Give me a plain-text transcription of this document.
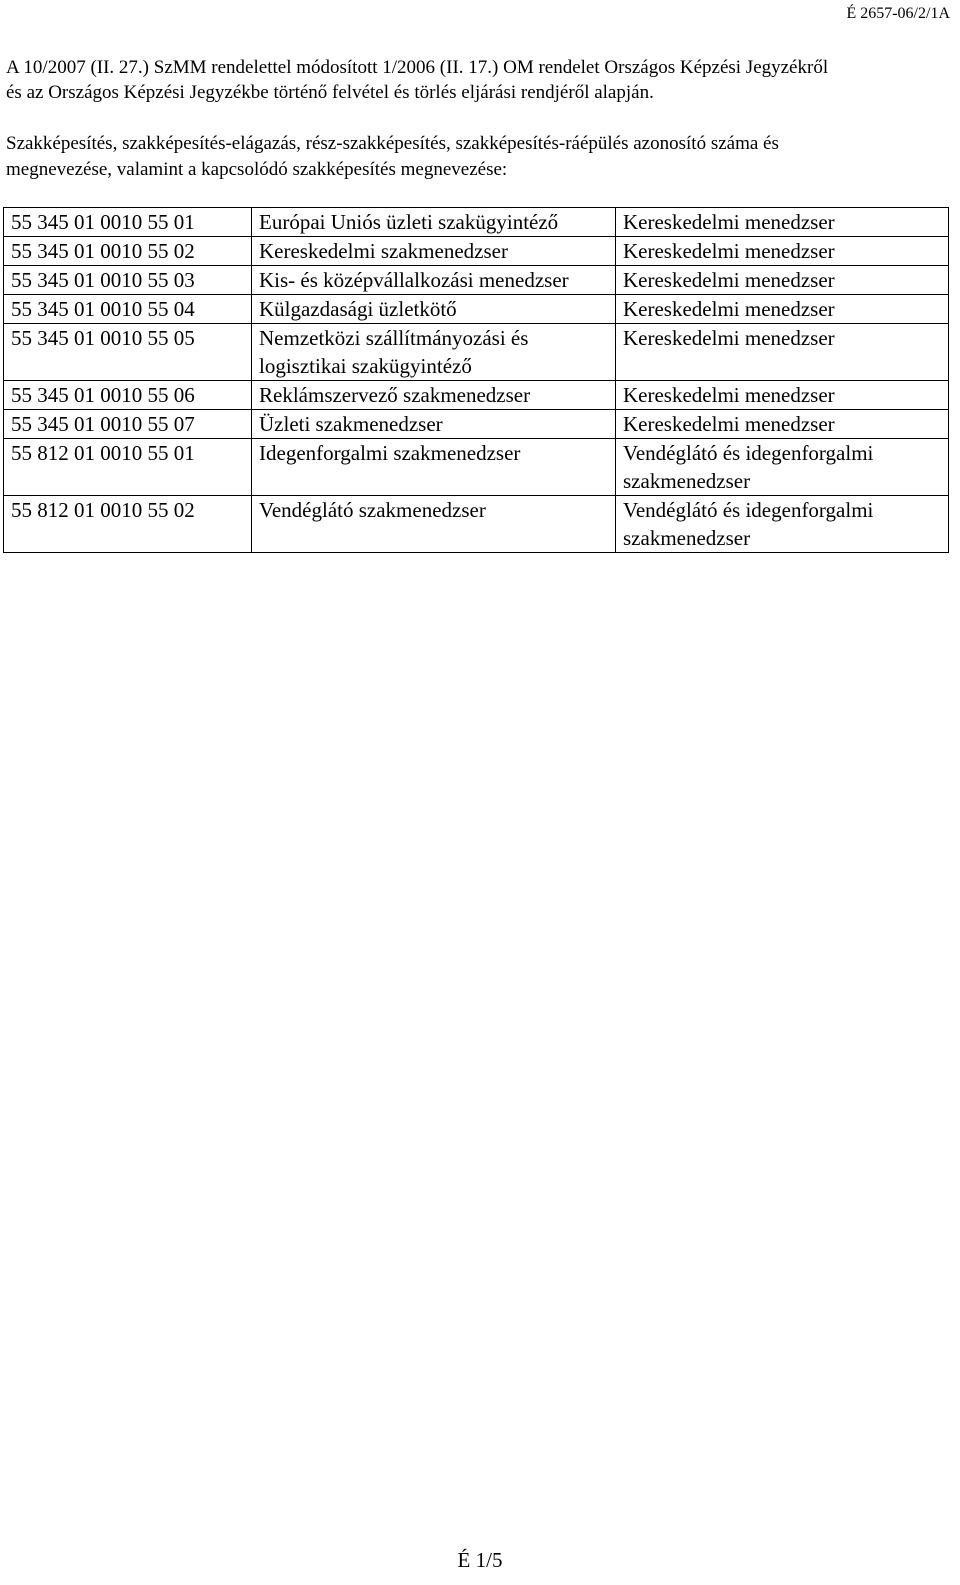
É 2657-06/2/1A

A 10/2007 (II. 27.) SzMM rendelettel módosított 1/2006 (II. 17.) OM rendelet Országos Képzési Jegyzékről

és az Országos Képzési Jegyzékbe történő felvétel és törlés eljárási rendjéről alapján.

Szakképesítés, szakképesítés-elágazás, rész-szakképesítés, szakképesítés-ráépülés azonosító száma és

megnevezése, valamint a kapcsolódó szakképesítés megnevezése:

55 345 01 0010 55 01	Európai Uniós üzleti szakügyintéző	Kereskedelmi menedzser
55 345 01 0010 55 02	Kereskedelmi szakmenedzser	Kereskedelmi menedzser
55 345 01 0010 55 03	Kis- és középvállalkozási menedzser	Kereskedelmi menedzser
55 345 01 0010 55 04	Külgazdasági üzletkötő	Kereskedelmi menedzser
55 345 01 0010 55 05	Nemzetközi szállítmányozási és logisztikai szakügyintéző	Kereskedelmi menedzser
55 345 01 0010 55 06	Reklámszervező szakmenedzser	Kereskedelmi menedzser
55 345 01 0010 55 07	Üzleti szakmenedzser	Kereskedelmi menedzser
55 812 01 0010 55 01	Idegenforgalmi szakmenedzser	Vendéglátó és idegenforgalmi szakmenedzser
55 812 01 0010 55 02	Vendéglátó szakmenedzser	Vendéglátó és idegenforgalmi szakmenedzser
É 1/5
